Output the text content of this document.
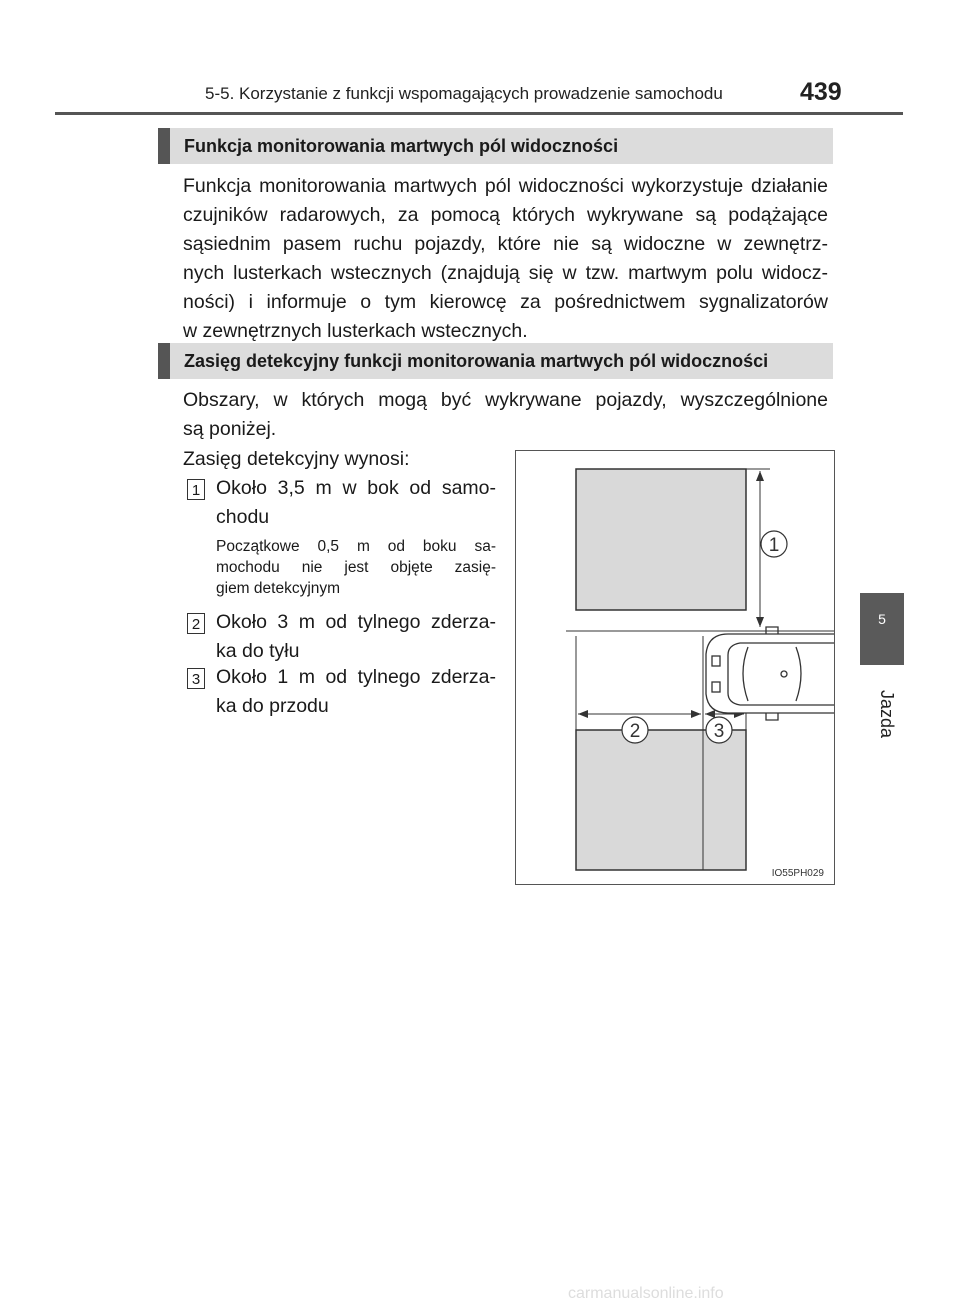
5-5. Korzystanie z funkcji wspomagających prowadzenie samochodu	439
5
Jazda
Funkcja monitorowania martwych pól widoczności
Funkcja monitorowania martwych pól widoczności wykorzystuje działanie
czujników radarowych, za pomocą których wykrywane są podążające
sąsiednim pasem ruchu pojazdy, które nie są widoczne w zewnętrz-
nych lusterkach wstecznych (znajdują się w tzw. martwym polu widocz-
ności) i informuje o tym kierowcę za pośrednictwem sygnalizatorów
w zewnętrznych lusterkach wstecznych.
Zasięg detekcyjny funkcji monitorowania martwych pól widoczności
Obszary, w których mogą być wykrywane pojazdy, wyszczególnione
są poniżej.
Zasięg detekcyjny wynosi:
1 Około 3,5 m w bok od samo-
chodu
Początkowe 0,5 m od boku sa-
mochodu nie jest objęte zasię-
giem detekcyjnym
2 Około 3 m od tylnego zderza-
ka do tyłu
3 Około 1 m od tylnego zderza-
ka do przodu
1
2	3
IO55PH029
carmanualsonline.info
